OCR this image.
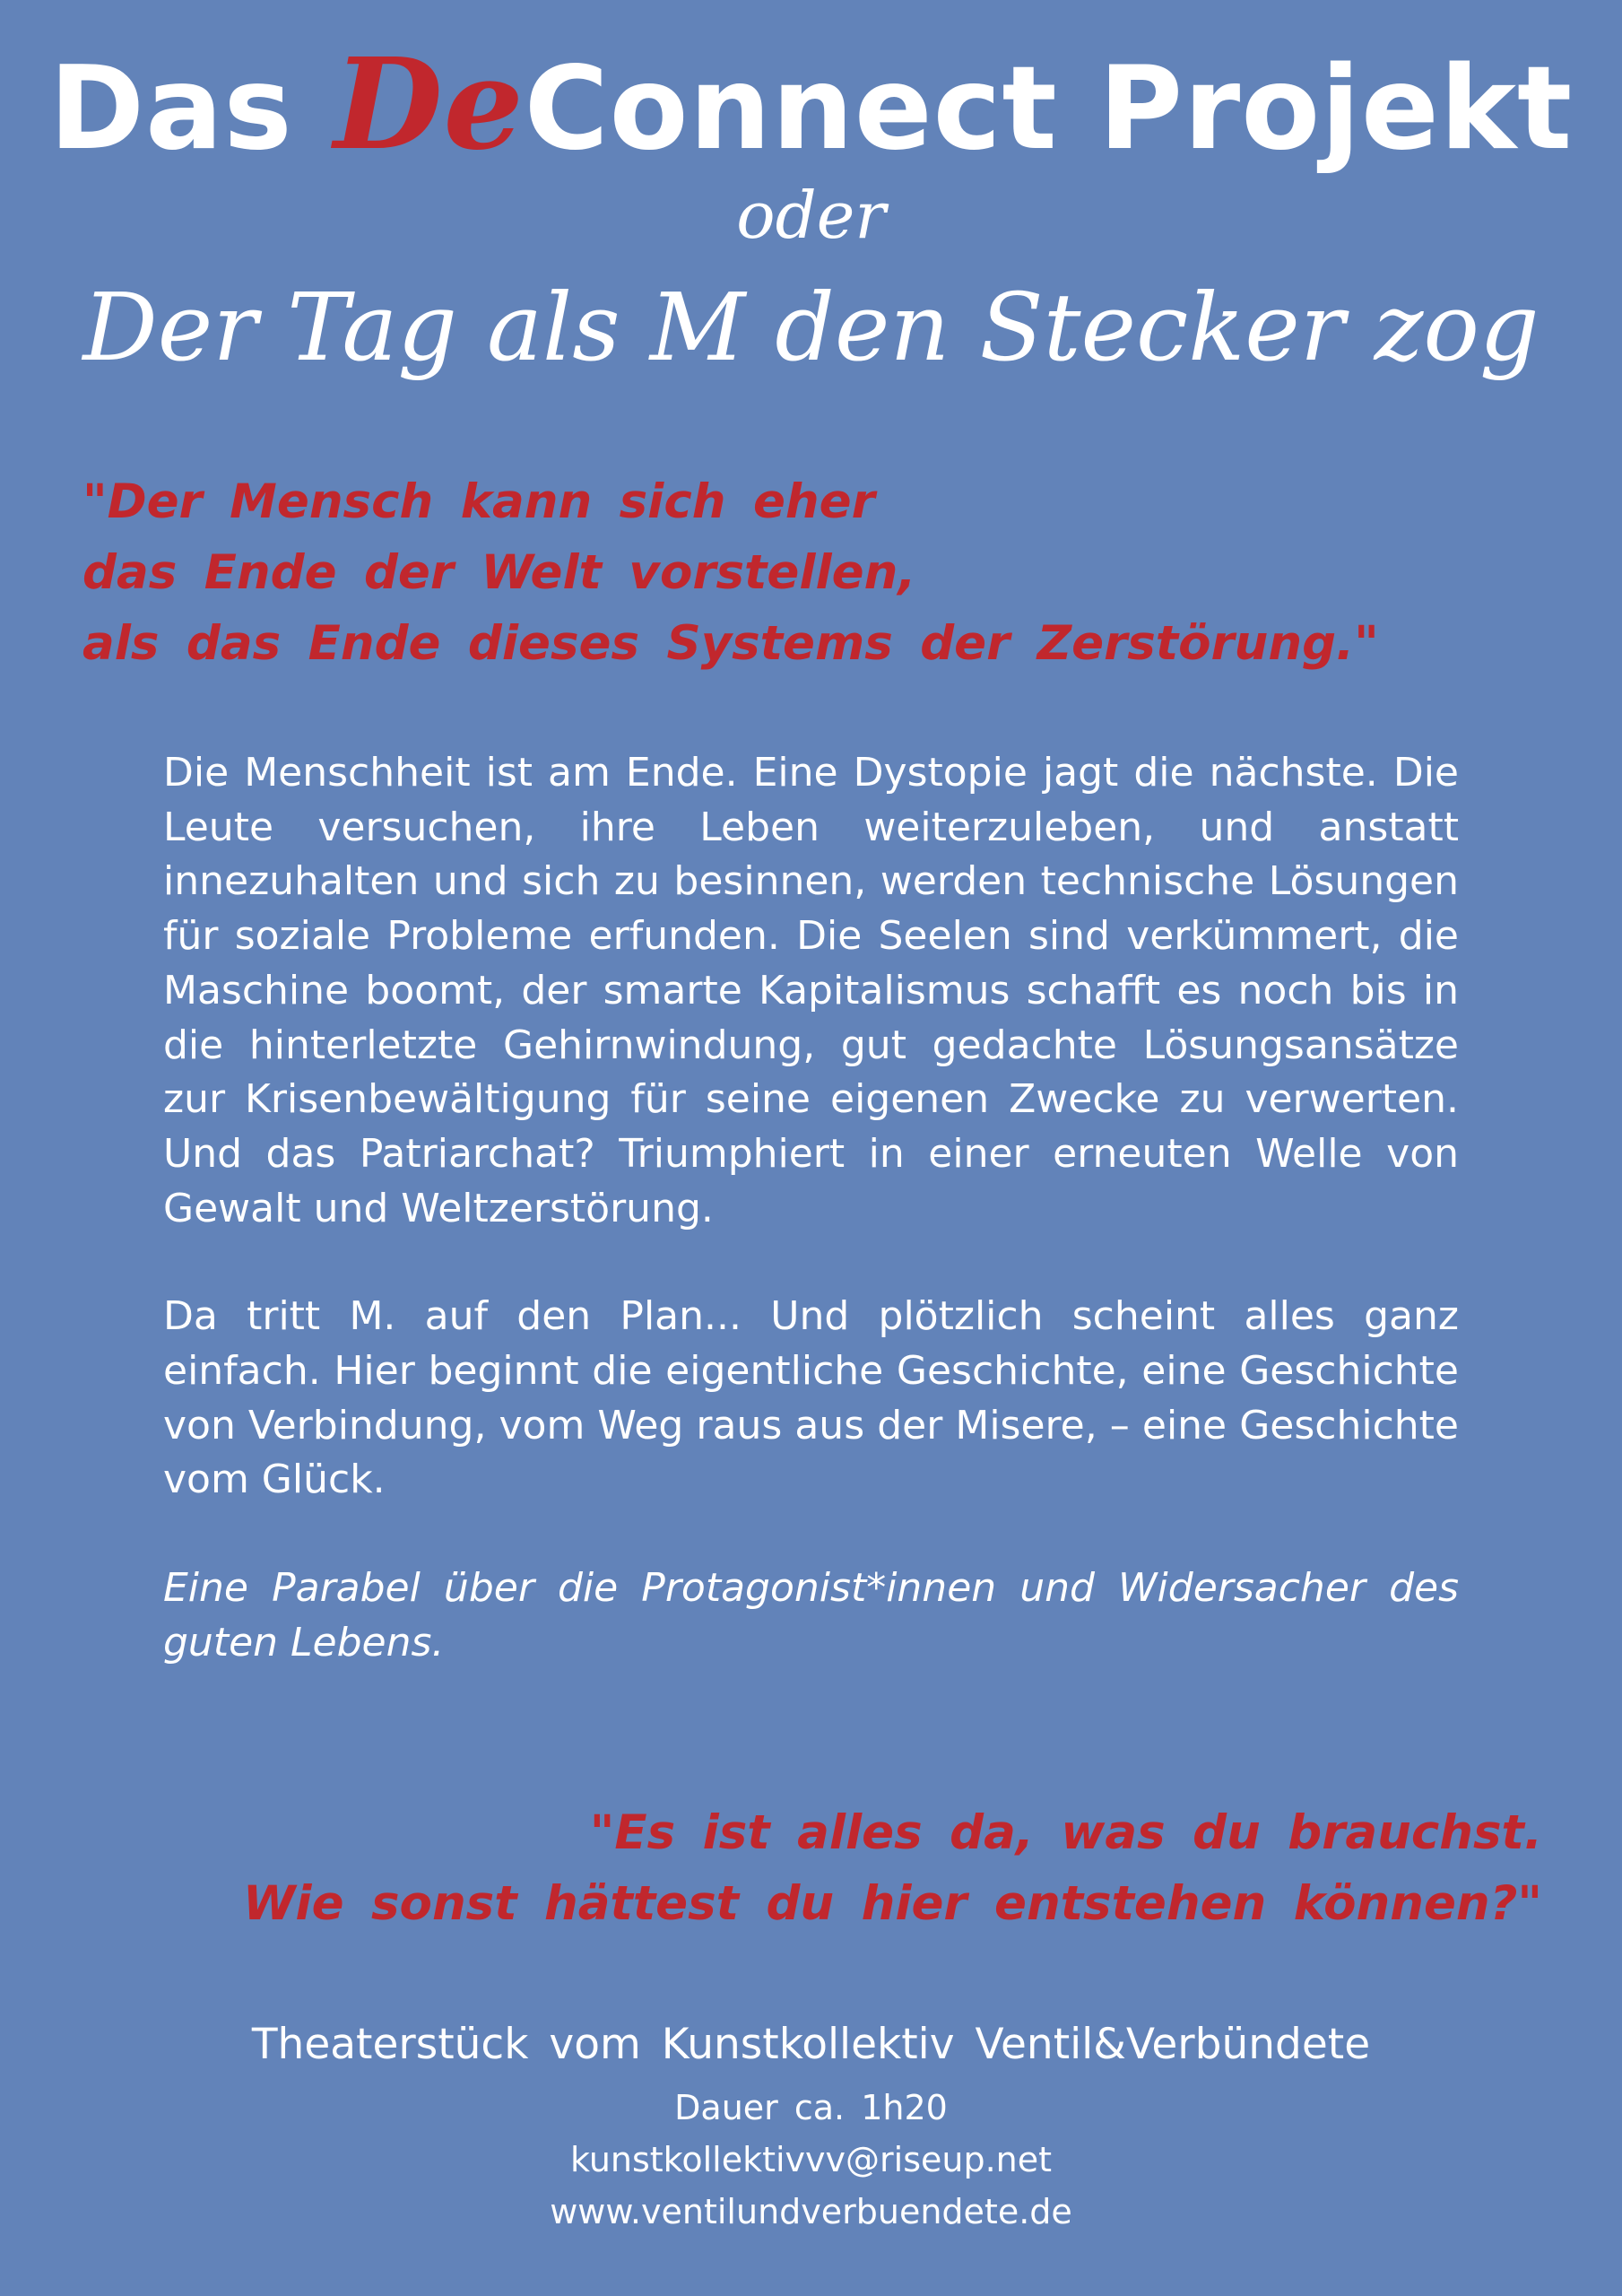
Das DeConnect Projekt
oder
Der Tag als M den Stecker zog
"Der Mensch kann sich eher
das Ende der Welt vorstellen,
als das Ende dieses Systems der Zerstörung."

Die Menschheit ist am Ende. Eine Dystopie jagt die nächste. Die Leute versuchen, ihre Leben weiterzuleben, und anstatt innezuhalten und sich zu besinnen, werden technische Lösungen für soziale Probleme erfunden. Die Seelen sind verkümmert, die Maschine boomt, der smarte Kapitalismus schafft es noch bis in die hinterletzte Gehirnwindung, gut gedachte Lösungsansätze zur Krisenbewältigung für seine eigenen Zwecke zu verwerten. Und das Patriarchat? Triumphiert in einer erneuten Welle von Gewalt und Weltzerstörung.

Da tritt M. auf den Plan... Und plötzlich scheint alles ganz einfach. Hier beginnt die eigentliche Geschichte, eine Geschichte von Verbindung, vom Weg raus aus der Misere, – eine Geschichte vom Glück.

Eine Parabel über die Protagonist*innen und Widersacher des guten Lebens.

"Es ist alles da, was du brauchst.
Wie sonst hättest du hier entstehen können?"
Theaterstück vom Kunstkollektiv Ventil&Verbündete
Dauer ca. 1h20
kunstkollektivvv@riseup.net
www.ventilundverbuendete.de
